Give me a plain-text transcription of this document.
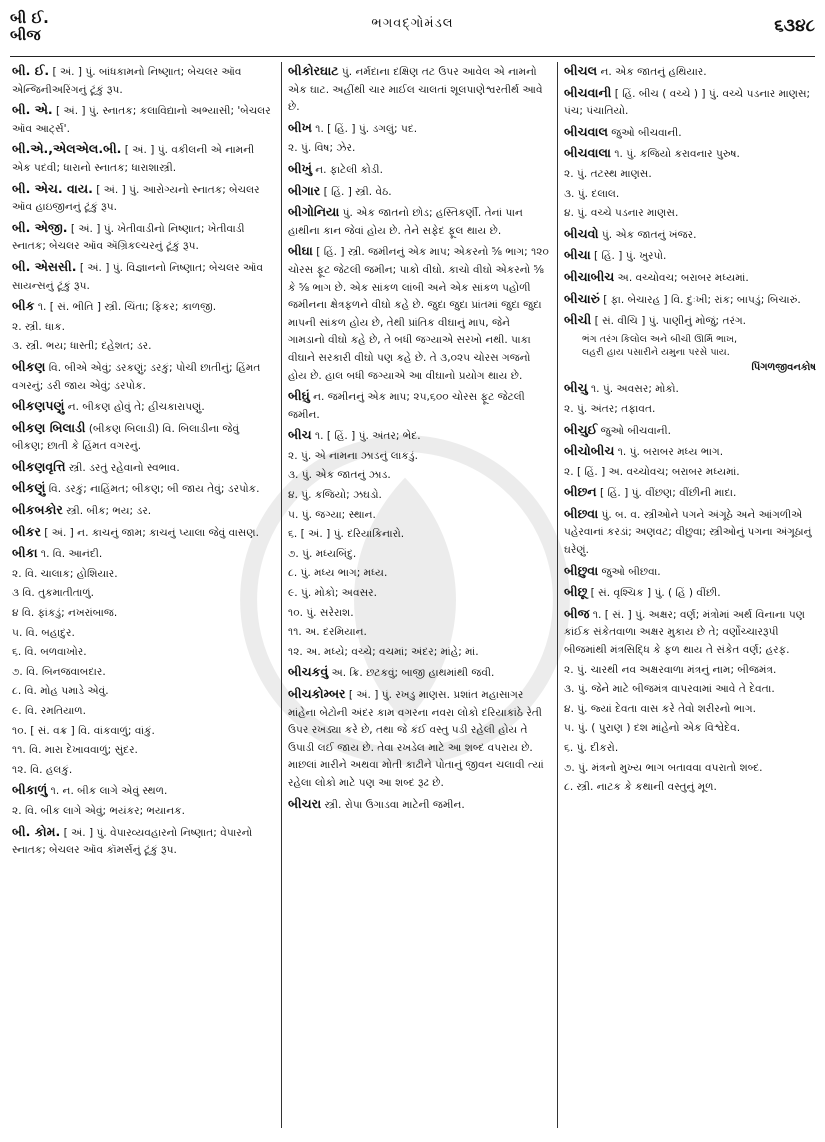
બી ઈ.
બીજ
ભગવદ્ગોમંડલ	૬૩૪૮
બી. ઈ. [ અં. ] પું. બાંધકામનો નિષ્ણાત; બેચલર ઑવ એન્જિનીઅરિંગનું ટૂંકું રૂપ.
બી. એ. [ અં. ] પું. સ્નાતક; કલાવિદ્યાનો અભ્યાસી; 'બેચલર ઑવ આર્ટ્સ'.
બી.એ.,એલએલ.બી. [ અં. ] પું. વકીલની એ નામની એક પદવી; ધારાનો સ્નાતક; ધારાશાસ્ત્રી.
બી. એચ. વાય. [ અં. ] પું. આરોગ્યનો સ્નાતક; બેચલર ઑવ હાઇજીનનું ટૂંકું રૂપ.
બી. એજી. [ અં. ] પું. ખેતીવાડીનો નિષ્ણાત; ખેતીવાડી સ્નાતક; બેચલર ઑવ ઍગ્રિકલ્ચરનું ટૂંકું રૂપ.
બી. એસસી. [ અં. ] પું. વિજ્ઞાનનો નિષ્ણાત; બેચલર ઑવ સાયન્સનું ટૂંકું રૂપ.
બીક ૧. [ સં. ભીતિ ] સ્ત્રી. ચિંતા; ફિકર; કાળજી.
૨. સ્ત્રી. ધાક.
૩. સ્ત્રી. ભય; ધાસ્તી; દહેશત; ડર.
બીકણ વિ. બીએ એવું; ડરકણું; ડરકું; પોચી છાતીનું; હિંમત વગરનું; ડરી જાય એવું; ડરપોક.
બીકણપણું ન. બીકણ હોવું તે; હીચકારાપણું.
બીકણ બિલાડી (બીકણ બિલાડી) વિ. બિલાડીના જેવું બીકણ; છાતી કે હિંમત વગરનું.
બીકણવૃત્તિ સ્ત્રી. ડરતું રહેવાનો સ્વભાવ.
બીકણું વિ. ડરકું; નાહિંમત; બીકણ; બી જાય તેવું; ડરપોક.
બીકબકોર સ્ત્રી. બીક; ભય; ડર.
બીકર [ અં. ] ન. કાચનું જામ; કાચનું પ્યાલા જેવું વાસણ.
બીકા ૧. વિ. આનંદી.
૨. વિ. ચાલાક; હોશિયાર.
૩ વિ. તુકમાતીતાળું.
૪ વિ. ફાંકડું; નખરાંબાજ.
૫. વિ. બહાદુર.
૬. વિ. બળવાખોર.
૭. વિ. બિનજવાબદાર.
૮. વિ. મોહ પમાડે એવું.
૯. વિ. રમતિયાળ.
૧૦. [ સં. વક્ર ] વિ. વાંકવાળું; વાંકું.
૧૧. વિ. મારા દેખાવવાળું; સુંદર.
૧૨. વિ. હલકું.
બીકાળું ૧. ન. બીક લાગે એવું સ્થળ.
૨. વિ. બીક લાગે એવું; ભયંકર; ભયાનક.
બી. કોમ. [ અં. ] પું. વેપારવ્યવહારનો નિષ્ણાત; વેપારનો સ્નાતક; બેચલર ઑવ કૉમર્સનું ટૂંકું રૂપ.
બીકોરઘાટ પું. નર્મદાના દક્ષિણ તટ ઉપર આવેલ એ નામનો એક ઘાટ. અહીંથી ચાર માઈલ ચાલતાં શૂલપાણેશ્વરતીર્થ આવે છે.
બીખ ૧. [ હિં. ] પું. ડગલું; પદ.
૨. પું. વિષ; ઝેર.
બીખું ન. ફાટેલી કોડી.
બીગાર [ હિં. ] સ્ત્રી. વેઠ.
બીગોનિયા પું. એક જાતનો છોડ; હસ્તિકર્ણી. તેનાં પાન હાથીના કાન જેવાં હોય છે. તેને સફેદ ફૂલ થાય છે.
બીઘા [ હિં. ] સ્ત્રી. જમીનનું એક માપ; એકરનો ⅝ ભાગ; ૧૨૦ ચોરસ ફૂટ જેટલી જમીન; પાકો વીઘો. કાચો વીઘો એકરનો ⅝ કે ⅝ ભાગ છે. એક સાંકળ લાંબી અને એક સાંકળ પહોળી જમીનના ક્ષેત્રફળને વીઘો કહે છે. જુદા જુદા પ્રાંતમાં જુદા જુદા માપની સાંકળ હોય છે, તેથી પ્રાંતિક વીઘાનું માપ, જેને ગામડાનો વીઘો કહે છે, તે બધી જગ્યાએ સરખો નથી. પાકા વીઘાને સરકારી વીઘો પણ કહે છે. તે ૩,૦૨૫ ચોરસ ગજનો હોય છે. હાલ બધી જગ્યાએ આ વીઘાનો પ્રયોગ થાય છે.
બીઘું ન. જમીનનું એક માપ; ૨૫,૬૦૦ ચોરસ ફૂટ જેટલી જમીન.
બીચ ૧. [ હિં. ] પું. અંતર; ભેદ.
૨. પું. એ નામના ઝાડનું લાકડું.
૩. પું. એક જાતનું ઝાડ.
૪. પું. કજિયો; ઝઘડો.
૫. પું. જગ્યા; સ્થાન.
૬. [ અં. ] પું. દરિયાકિનારો.
૭. પું. મધ્યબિંદુ.
૮. પું. મધ્ય ભાગ; મધ્ય.
૯. પું. મોકો; અવસર.
૧૦. પું. સરેરાશ.
૧૧. અ. દરમિયાન.
૧૨. અ. મધ્યે; વચ્ચે; વચમાં; અંદર; માંહે; માં.
બીચકવું અ. ક્રિ. છટકવું; બાજી હાથમાંથી જવી.
બીચકોમ્બર [ અં. ] પું. રખડુ માણસ. પ્રશાંત મહાસાગર માંહેના બેટોની અંદર કામ વગરના નવરા લોકો દરિયાકાંઠે રેતી ઉપર રખડ્યા કરે છે, તથા જે કંઈ વસ્તુ પડી રહેલી હોય તે ઉપાડી લઈ જાય છે. તેવા રખડેલ માટે આ શબ્દ વપરાય છે. માછલાં મારીને અથવા મોતી કાઢીને પોતાનું જીવન ચલાવી ત્યાં રહેલા લોકો માટે પણ આ શબ્દ રૂઢ છે.
બીચરા સ્ત્રી. રોપા ઉગાડવા માટેની જમીન.
બીચલ ન. એક જાતનું હથિયાર.
બીચવાની [ હિં. બીચ ( વચ્ચે ) ] પું. વચ્ચે પડનાર માણસ; પંચ; પંચાતિયો.
બીચવાલ જુઓ બીચવાની.
બીચવાલા ૧. પું. કજિયો કરાવનાર પુરુષ.
૨. પું. તટસ્થ માણસ.
૩. પું. દલાલ.
૪. પું. વચ્ચે પડનાર માણસ.
બીચવો પું. એક જાતનું ખંજર.
બીચા [ હિં. ] પું. ખુરપો.
બીચાબીચ અ. વચ્ચોવચ; બરાબર મધ્યમાં.
બીચારું [ ફા. બેચારહ ] વિ. દુઃખી; રાંક; બાપડું; બિચારું.
બીચી [ સં. વીચિ ] પું. પાણીનું મોજું; તરંગ.
ભંગ તરંગ કિલોલ અને બીચી ઊર્મિ ભાખ,
લહરી હાય પસારીને યમુના પરસે પાય.
પિંગળજીવનકોષ
બીચુ ૧. પું. અવસર; મોકો.
૨. પું. અંતર; તફાવત.
બીચુઈ જુઓ બીચવાની.
બીચોબીચ ૧. પું. બરાબર મધ્ય ભાગ.
૨. [ હિં. ] અ. વચ્ચોવચ; બરાબર મધ્યમાં.
બીછન [ હિં. ] પું. વીંછણ; વીંછીની માદા.
બીછવા પું. બ. વ. સ્ત્રીઓને પગને અંગૂઠે અને આંગળીએ પહેરવાનાં કરડાં; અણવટ; વીછુવા; સ્ત્રીઓનું પગના અંગૂઠાનું ઘરેણું.
બીછુવા જુઓ બીછવા.
બીછૂ [ સં. વૃશ્ચિક ] પું. ( હિં ) વીંછી.
બીજ ૧. [ સં. ] પું. અક્ષર; વર્ણ; મંત્રોમાં અર્થ વિનાના પણ કાંઈક સંકેતવાળા અક્ષર મુકાય છે તે; વર્ણોચ્ચારરૂપી બીજમાંથી મંત્રસિદ્ધિ કે ફળ થાય તે સંકેત વર્ણ; હરફ.
૨. પું. ચારથી નવ અક્ષરવાળા મંત્રનું નામ; બીજમંત્ર.
૩. પું. જેને માટે બીજમંત્ર વાપરવામાં આવે તે દેવતા.
૪. પું. જ્યાં દેવતા વાસ કરે તેવો શરીરનો ભાગ.
૫. પું. ( પુરાણ ) દશ માંહેનો એક વિશ્વેદેવ.
૬. પું. દીકરો.
૭. પું. મંત્રનો મુખ્ય ભાગ બતાવવા વપરાતો શબ્દ.
૮. સ્ત્રી. નાટક કે કથાની વસ્તુનું મૂળ.
